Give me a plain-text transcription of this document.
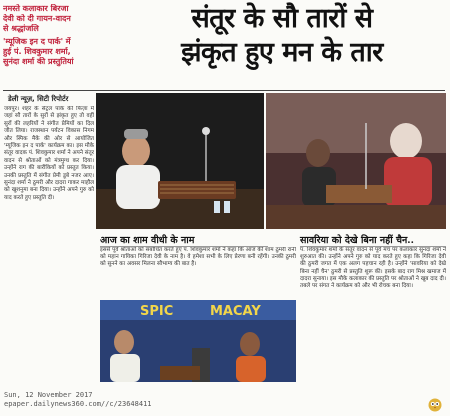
नमस्ते कलाकार बिरजा
देवी को दी गायन-वादन
से श्रद्धांजलि
'म्यूजिक इन द पार्क' में
हुई पं. शिवकुमार शर्मा,
सुनंदा शर्मा की प्रस्तुतियां
संतूर के सौ तारों से
झंकृत हुए मन के तार
डेली न्यूज़, सिटी रिपोर्टर

जयपुर। शहर के सेंट्रल पार्क की फिज़ा में जहां सौ तारों के सुरों से झंकृत हुए तो वहीं सुरों की लहरियों ने संगीत प्रेमियों का दिल जीत लिया। राजस्थान पर्यटन विकास निगम और स्पिक मैके की ओर से आयोजित 'म्यूजिक इन द पार्क' कार्यक्रम का। इस मौके संतूर वादक पं. शिवकुमार शर्मा ने अपने संतूर वादन से श्रोताओं को मंत्रमुग्ध कर दिया। उन्होंने राग की बारीकियों को प्रस्तुत किया। उनकी प्रस्तुति में संगीत प्रेमी डूबे नजर आए। सुनंदा शर्मा ने ठुमरी और दादरा गाकर माहौल को खुशनुमा बना दिया। उन्होंने अपने गुरु को याद करते हुए प्रस्तुति दी।

आज का शाम वीधी के नाम	सावरिया को देखे बिना नहीं चैन..

इससे पूर्व श्रोताओं को संबोधित करते हुए पं. शिवकुमार शर्मा ने कहा कि आज की शाम ठुमरी रानी को महान गायिका गिरिजा देवी के नाम है। वे हमेशा सभी के लिए प्रेरणा बनी रहेंगी। उनकी ठुमरी को सुनने का अवसर मिलना सौभाग्य की बात है।

पं. शिवकुमार शर्मा के संतूर वादन से पूर्व मंच पर कलाकार सुनंदा शर्मा ने शुरुआत की। उन्होंने अपने गुरु को याद करते हुए कहा कि गिरिजा देवी की ठुमरी जगत में एक अलग पहचान रही है। उन्होंने 'सावरिया को देखे बिना नहीं चैन' ठुमरी से प्रस्तुति शुरू की। इसके बाद राग मिश्र खमाज में दादरा सुनाया। इस मौके कलाकार की प्रस्तुति पर श्रोताओं ने खूब दाद दी। तबले पर संगत ने कार्यक्रम को और भी रोचक बना दिया।

SPIC	MACAY
Sun, 12 November 2017
epaper.dailynews360.com//c/23648411
